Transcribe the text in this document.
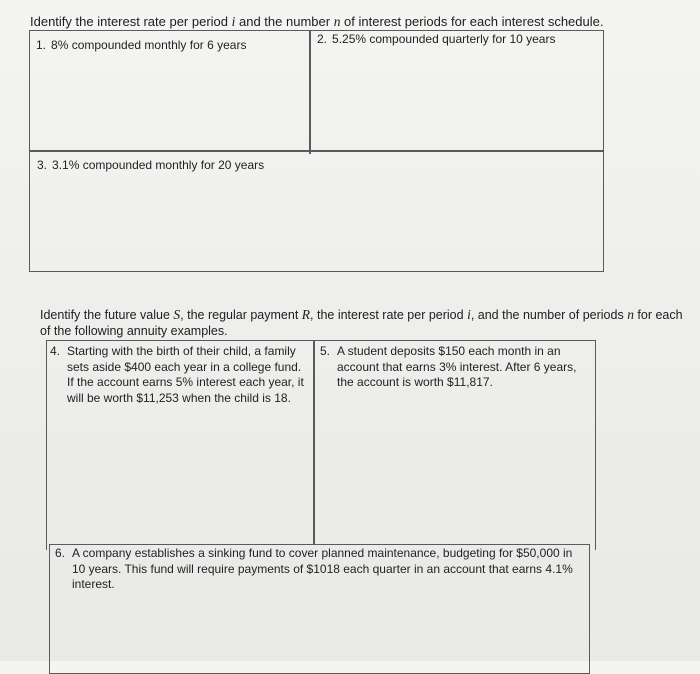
Identify the interest rate per period i and the number n of interest periods for each interest schedule.
1. 8% compounded monthly for 6 years	2. 5.25% compounded quarterly for 10 years
3. 3.1% compounded monthly for 20 years
Identify the future value S, the regular payment R, the interest rate per period i, and the number of periods n for each
of the following annuity examples.
4. Starting with the birth of their child, a family sets aside $400 each year in a college fund. If the account earns 5% interest each year, it will be worth $11,253 when the child is 18.
5. A student deposits $150 each month in an account that earns 3% interest. After 6 years, the account is worth $11,817.
6. A company establishes a sinking fund to cover planned maintenance, budgeting for $50,000 in 10 years. This fund will require payments of $1018 each quarter in an account that earns 4.1% interest.
